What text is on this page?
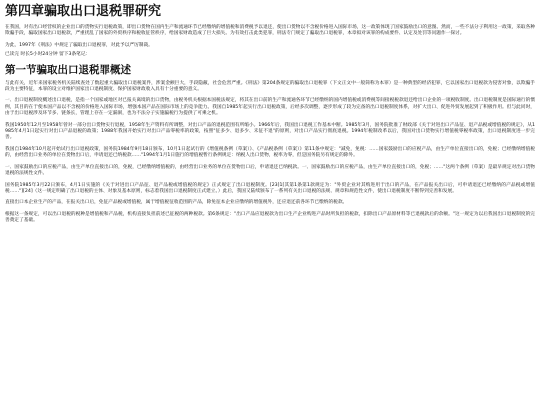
第四章骗取出口退税罪研究

在我国，对有出口经营权的企业出口的货物实行退税政策，即出口货物在国内生产和流通环节已经缴纳的增值税和消费税予以退还，使出口货物以不含税价格进入国际市场，这一政策体现了国家鼓励出口的意图。然而，一些不法分子利用这一政策，采取各种欺骗手段，骗取国家出口退税款，严重扰乱了国家的外贸秩序和税收征管秩序，给国家财政造成了巨大损失。为有效打击此类犯罪，刑法专门规定了骗取出口退税罪，本章拟对该罪的构成要件、认定及处罚等问题作一探讨。

为此，1997年《刑法》中规定了骗取出口退税罪，对此予以严厉制裁。

已读完 时长5小时24分钟 留下3条笔记：

第一节骗取出口退税罪概述

与此有关，近年来国家税务机关陆续查处了数起重大骗取出口退税案件，涉案金额巨大，手段隐蔽，社会危害严重。《刑法》第204条规定的骗取出口退税罪（下文正文中一般简称为本罪）是一种典型的经济犯罪，它以国家出口退税款为侵害对象，以欺骗手段为主要特征，本罪的设立对维护国家出口退税制度、保护国家财政收入具有十分重要的意义。

一、出口退税制度概述出口退税，是指一个国家或地区对已报关离境的出口货物，由税务机关根据本国税法规定，将其在出口前的生产和流通各环节已经缴纳的国内增值税或消费税等间接税税款退还给出口企业的一项税收制度。出口退税制度是国际通行的惯例，其目的在于使本国产品以不含税的价格进入国际市场，增强本国产品在国际市场上的竞争能力。我国自1985年起实行出口退税政策，后经多次调整，逐步形成了较为完备的出口退税制度体系，对扩大出口、促进外贸发展起到了积极作用。但与此同时，由于出口退税涉及环节多、链条长，管理上存在一定漏洞，也为不法分子实施骗税行为提供了可乘之机。

我国1950年12月至1958年曾对一部分出口货物实行退税，1958年生产资料有所调整，对出口产品的退税范围有所缩小。1966年后，我国出口退税工作基本中断。1985年3月，国务院批准了财政部《关于对进出口产品征、退产品税或增值税的规定》，从1985年4月1日起实行对出口产品退税的政策；1988年我国开始实行对出口产品零税率的政策，按照"征多少、退多少、未征不退"的原则，对出口产品实行彻底退税。1994年税制改革以后，我国对出口货物实行增值税零税率政策，出口退税制度进一步完善。

我国自1984年10月起开始试行出口退税政策，国务院1984年9月18日颁布，10月1日起试行的《增值税条例（草案）》、《产品税条例（草案）》第11条中规定："减免，免税：……国家鼓励出口的应税产品，由生产单位直接出口的，免税；已经缴纳增值税的，由经营出口业务的单位在货物出口后，申请退还已纳税款……"1994年1月1日施行的增值税暂行条例规定：纳税人出口货物，税率为零，但是国务院另有规定的除外。

一、国家鼓励出口的应税产品，由生产单位直接出口的，免税，已经缴纳增值税的，由经营出口业务的单位在货物出口后，申请退还已纳税款。一、国家鼓励出口的应税产品，由生产单位直接出口的，免税；……"这两个条例（草案）是最早规定对出口货物退税的法规性文件。

国务院1985年3月22日颁布，4月1日实施的《关于对进出口产品征、退产品税或增值税的规定》正式规定了出口退税制度。[23]1[其第1条第1款规定为："外贸企业对其购进用于出口的产品，在产品报关出口后，可申请退还已经缴纳的产品税或增值税……"][24]（这一规定明确了出口退税的主体、对象及基本原则，标志着我国出口退税制度正式建立。）此后，我国又陆续颁布了一系列有关出口退税的法规、规章和规范性文件，使出口退税制度不断得到完善和发展。

直接出口本企业生产的产品，在报关出口后，免征产品税或增值税，属于增值税征收范围的产品，除免征本企业应缴纳的增值税外，还应退还前各环节已缴纳的税款。

根据这一条规定，可以出口退税的税种是增值税和产品税，机构直接负担前述已征税的两种税款。第6条规定："出口产品应退税款为出口生产企业购进产品时所负担的税款，扣除出口产品原材料等已退税款后的余额。"这一规定为以后我国出口退税制度的完善奠定了基础。
